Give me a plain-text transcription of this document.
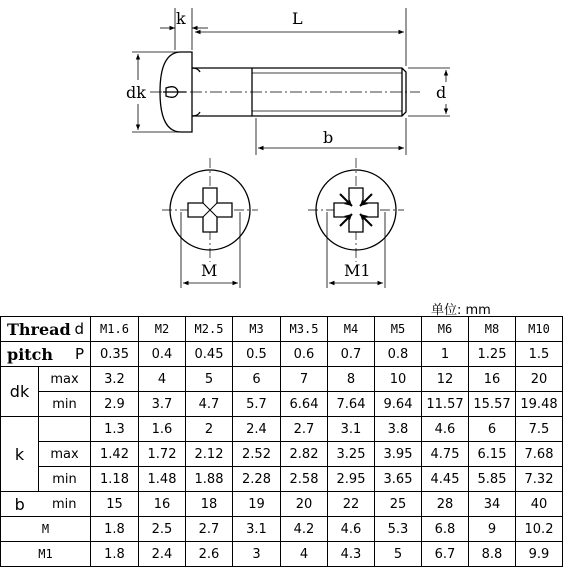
k	L
dk	d
b
M	M1
单位: mm
Thread d		M1.6	M2	M2.5	M3	M3.5	M4	M5	M6	M8	M10
pitch P		0.35	0.4	0.45	0.5	0.6	0.7	0.8	1	1.25	1.5
dk	max	3.2	4	5	6	7	8	10	12	16	20
	min	2.9	3.7	4.7	5.7	6.64	7.64	9.64	11.57	15.57	19.48
k		1.3	1.6	2	2.4	2.7	3.1	3.8	4.6	6	7.5
	max	1.42	1.72	2.12	2.52	2.82	3.25	3.95	4.75	6.15	7.68
	min	1.18	1.48	1.88	2.28	2.58	2.95	3.65	4.45	5.85	7.32
b	min	15	16	18	19	20	22	25	28	34	40
M		1.8	2.5	2.7	3.1	4.2	4.6	5.3	6.8	9	10.2
M1		1.8	2.4	2.6	3	4	4.3	5	6.7	8.8	9.9
